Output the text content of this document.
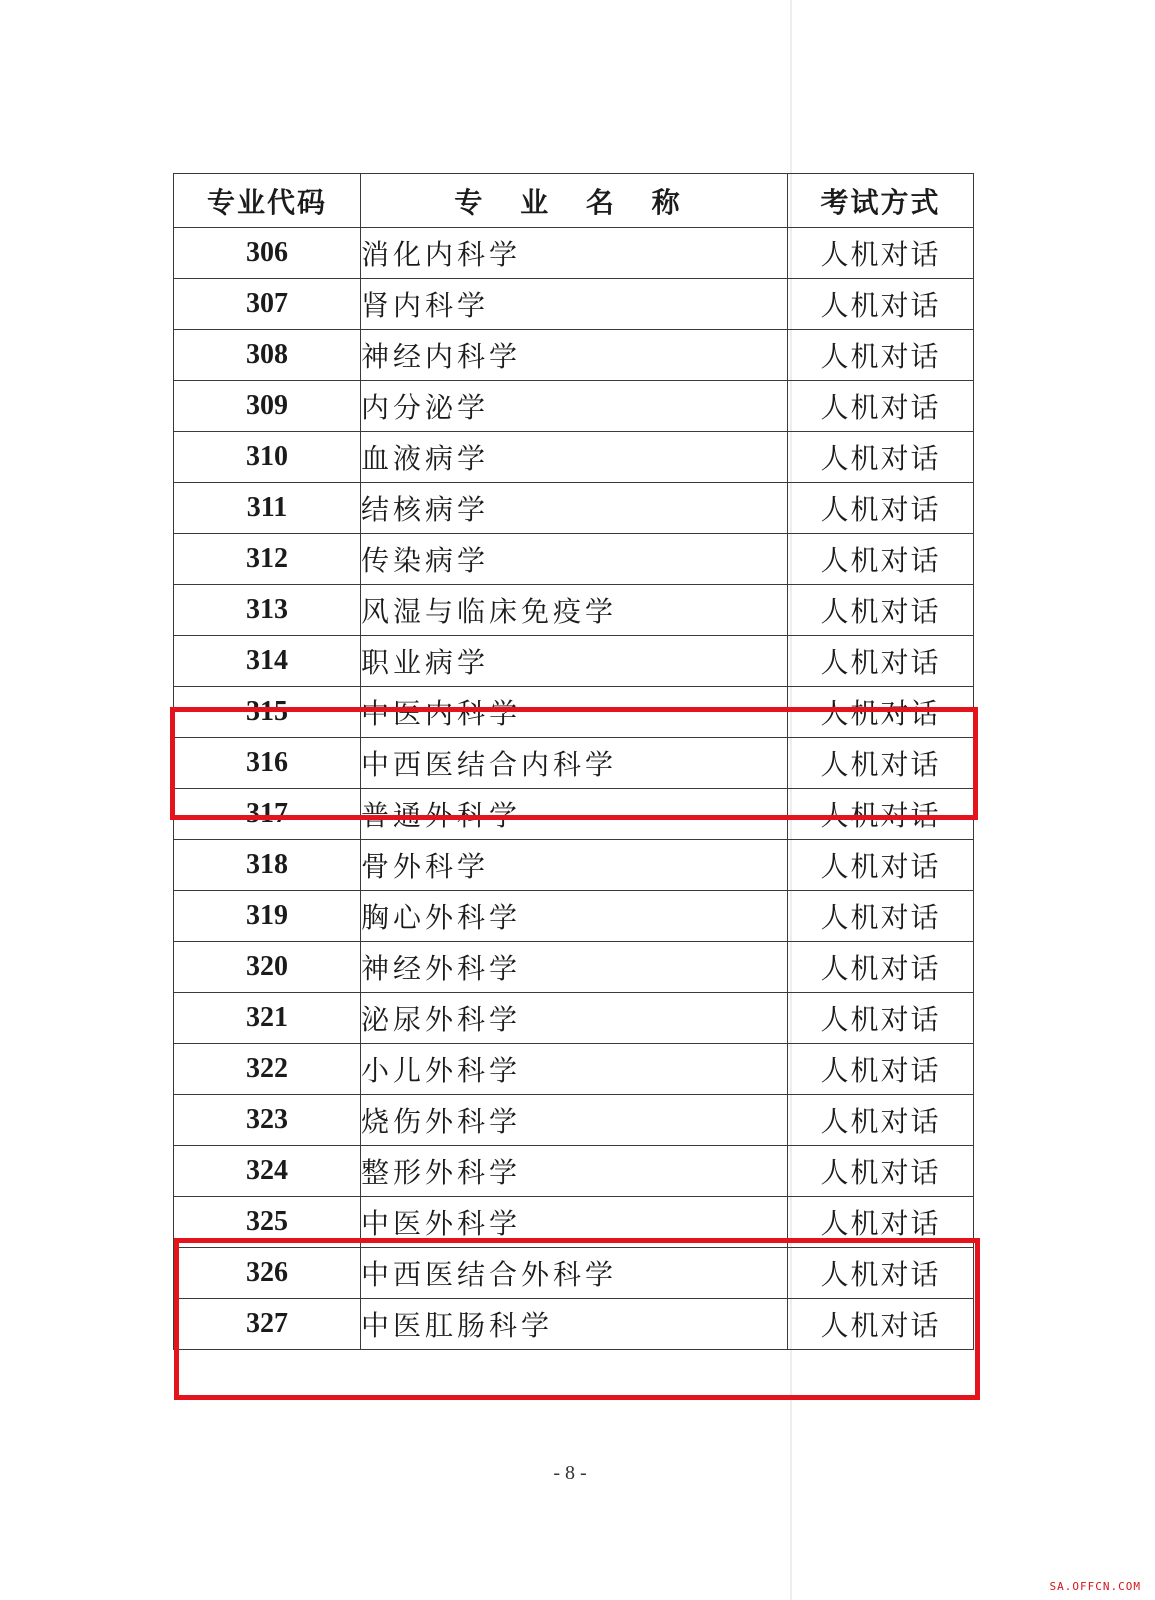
专业代码	专 业 名 称	考试方式
306	消化内科学	人机对话
307	肾内科学	人机对话
308	神经内科学	人机对话
309	内分泌学	人机对话
310	血液病学	人机对话
311	结核病学	人机对话
312	传染病学	人机对话
313	风湿与临床免疫学	人机对话
314	职业病学	人机对话
315	中医内科学	人机对话
316	中西医结合内科学	人机对话
317	普通外科学	人机对话
318	骨外科学	人机对话
319	胸心外科学	人机对话
320	神经外科学	人机对话
321	泌尿外科学	人机对话
322	小儿外科学	人机对话
323	烧伤外科学	人机对话
324	整形外科学	人机对话
325	中医外科学	人机对话
326	中西医结合外科学	人机对话
327	中医肛肠科学	人机对话
- 8 -
SA.OFFCN.COM
